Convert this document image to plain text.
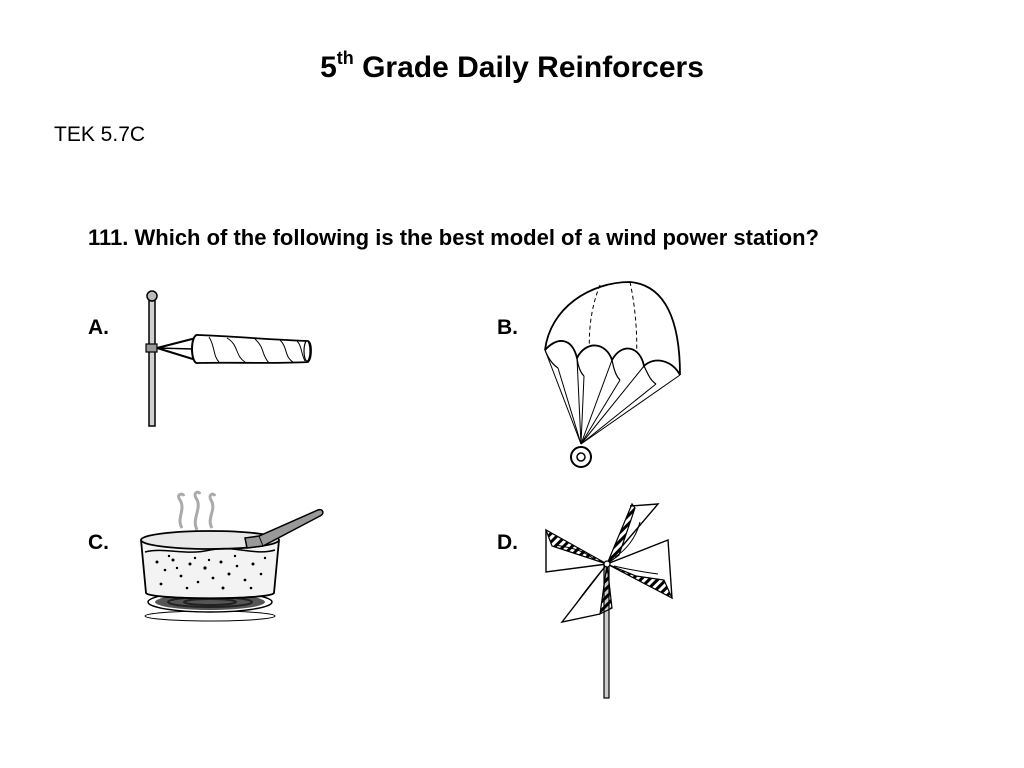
5th Grade Daily Reinforcers
TEK 5.7C
111. Which of the following is the best model of a wind power station?
A.	B.
C.	D.
